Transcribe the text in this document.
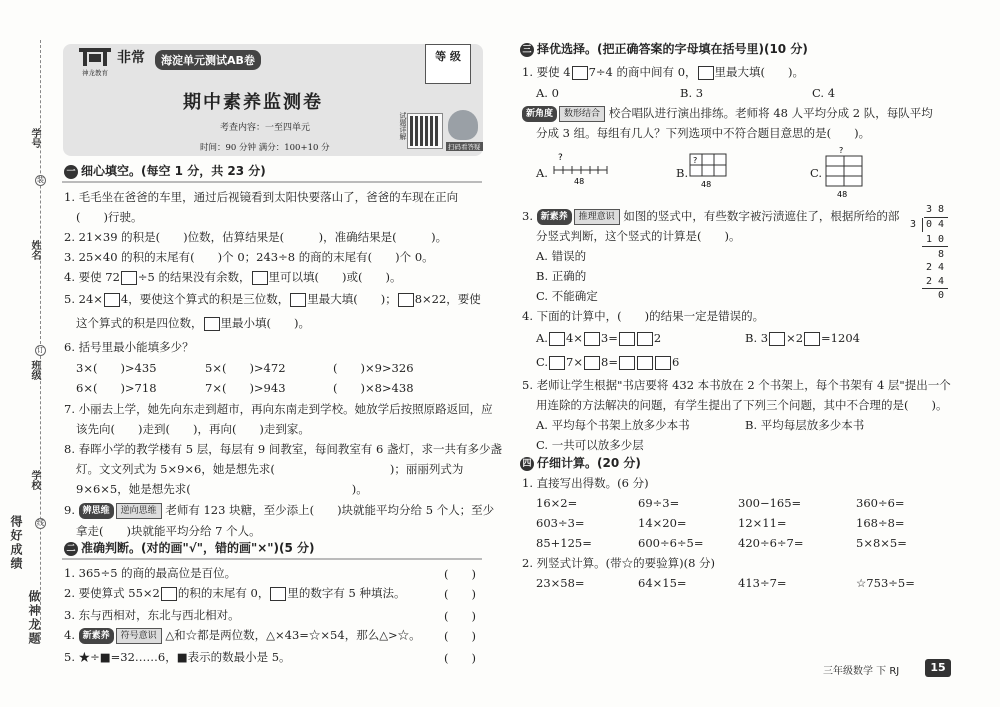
学号
装
姓名
订
班级
学校
线
做神龙题
得好成绩
神龙教育
非常	海淀单元测试AB卷	等 级
期中素养监测卷
考查内容：一至四单元
时间：90 分钟 满分：100+10 分
试题详解
扫码看答疑
一 细心填空。(每空 1 分，共 23 分)
1. 毛毛坐在爸爸的车里，通过后视镜看到太阳快要落山了，爸爸的车现在正向
(　　)行驶。
2. 21×39 的积是(　　)位数，估算结果是(　　　)，准确结果是(　　　)。
3. 25×40 的积的末尾有(　　)个 0；243÷8 的商的末尾有(　　)个 0。
4. 要使 72 ÷5 的结果没有余数， 里可以填(　　)或(　　)。
5. 24× 4，要使这个算式的积是三位数， 里最大填(　　)； 8×22，要使
这个算式的积是四位数， 里最小填(　　)。
6. 括号里最小能填多少？
3×(　　)>435	5×(　　)>472	(　　)×9>326
6×(　　)>718	7×(　　)>943	(　　)×8>438
7. 小丽去上学，她先向东走到超市，再向东南走到学校。她放学后按照原路返回，应
该先向(　　)走到(　　)，再向(　　)走到家。
8. 春晖小学的教学楼有 5 层，每层有 9 间教室，每间教室有 6 盏灯，求一共有多少盏
灯。文文列式为 5×9×6，她是想先求(　　　　　　　　　　)；丽丽列式为
9×6×5，她是想先求(　　　　　　　　　　　　　　)。
9. 辨思维 逆向思维 老师有 123 块糖，至少添上(　　)块就能平均分给 5 个人；至少
拿走(　　)块就能平均分给 7 个人。
二 准确判断。(对的画"√"，错的画"×")(5 分)
1. 365÷5 的商的最高位是百位。	(　　)
2. 要使算式 55×2 的积的末尾有 0， 里的数字有 5 种填法。	(　　)
3. 东与西相对，东北与西北相对。	(　　)
4. 新素养 符号意识 △和☆都是两位数，△×43=☆×54，那么△>☆。 (　　)
5. ★÷■=32……6，■表示的数最小是 5。	(　　)
三 择优选择。(把正确答案的字母填在括号里)(10 分)
1. 要使 4 7÷4 的商中间有 0， 里最大填(　　)。
A. 0	B. 3	C. 4
新角度 数形结合 校合唱队进行演出排练。老师将 48 人平均分成 2 队，每队平均
分成 3 组。每组有几人？下列选项中不符合题目意思的是(　　)。
A.
?
48
B.
?
48
C.
?
48
3. 新素养 推理意识 如图的竖式中，有些数字被污渍遮住了，根据所给的部
分竖式判断，这个竖式的计算是(　　)。
A. 错误的
B. 正确的
C. 不能确定
3 8
3 0 4
1 0
8
2 4
2 4
0
4. 下面的计算中，(　　)的结果一定是错误的。
A. 4× 3=	2	B. 3 ×2 =1204
C. 7× 8=	6
5. 老师让学生根据"书店要将 432 本书放在 2 个书架上，每个书架有 4 层"提出一个
用连除的方法解决的问题，有学生提出了下列三个问题，其中不合理的是(　　)。
A. 平均每个书架上放多少本书	B. 平均每层放多少本书
C. 一共可以放多少层
四 仔细计算。(20 分)
1. 直接写出得数。(6 分)
16×2=	69÷3=	300−165=	360÷6=
603÷3=	14×20=	12×11=	168÷8=
85+125=	600÷6÷5=	420÷6÷7=	5×8×5=
2. 列竖式计算。(带☆的要验算)(8 分)
23×58=	64×15=	413÷7=	☆753÷5=
三年级数学 下 RJ	15
